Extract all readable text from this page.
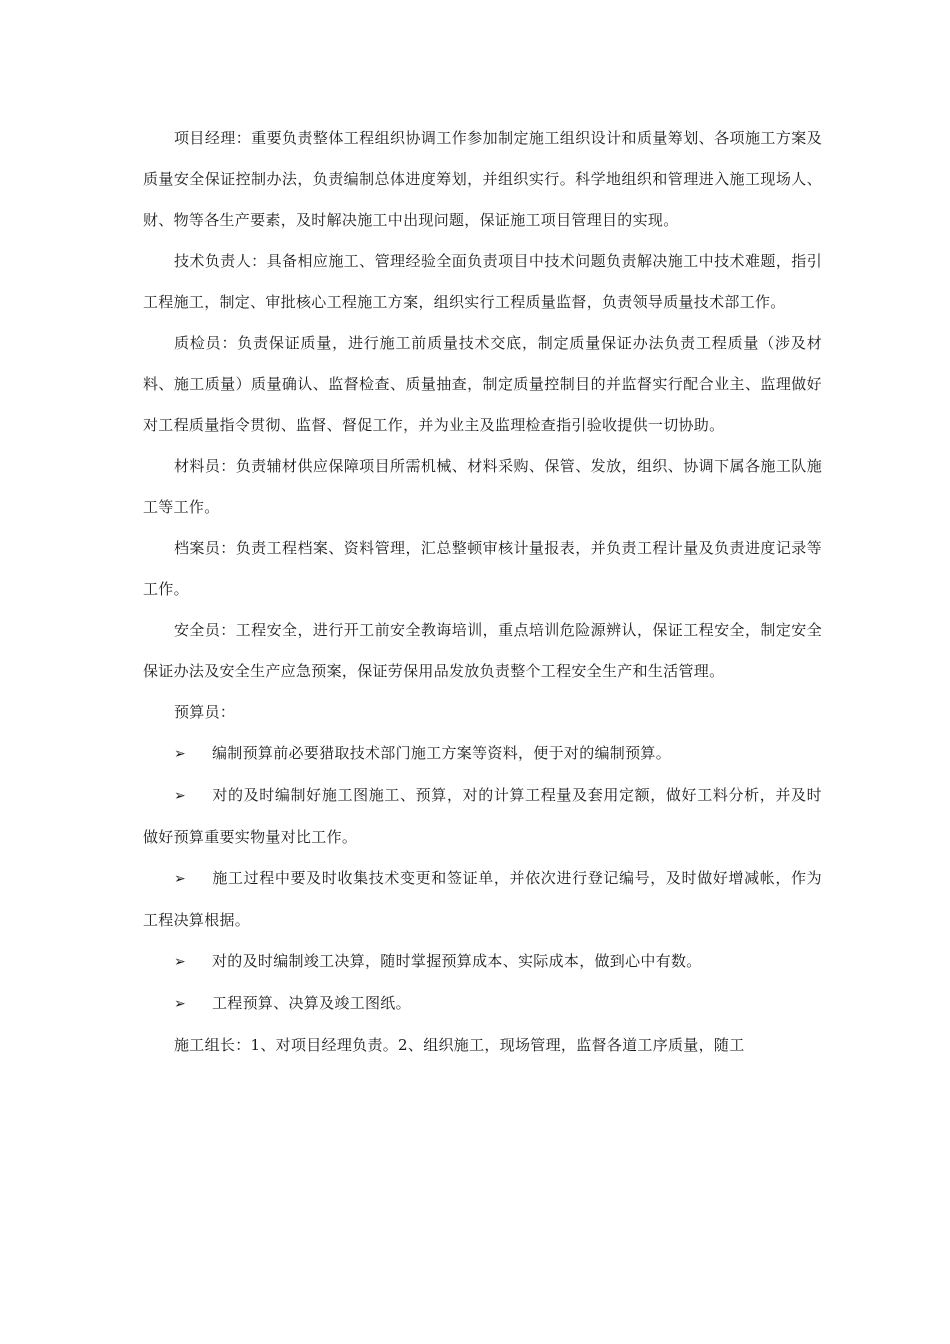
项目经理：重要负责整体工程组织协调工作参加制定施工组织设计和质量筹划、各项施工方案及质量安全保证控制办法，负责编制总体进度筹划，并组织实行。科学地组织和管理进入施工现场人、财、物等各生产要素，及时解决施工中出现问题，保证施工项目管理目的实现。

技术负责人：具备相应施工、管理经验全面负责项目中技术问题负责解决施工中技术难题，指引工程施工，制定、审批核心工程施工方案，组织实行工程质量监督，负责领导质量技术部工作。

质检员：负责保证质量，进行施工前质量技术交底，制定质量保证办法负责工程质量（涉及材料、施工质量）质量确认、监督检查、质量抽查，制定质量控制目的并监督实行配合业主、监理做好对工程质量指令贯彻、监督、督促工作，并为业主及监理检查指引验收提供一切协助。

材料员：负责辅材供应保障项目所需机械、材料采购、保管、发放，组织、协调下属各施工队施工等工作。

档案员：负责工程档案、资料管理，汇总整顿审核计量报表，并负责工程计量及负责进度记录等工作。

安全员：工程安全，进行开工前安全教诲培训，重点培训危险源辨认，保证工程安全，制定安全保证办法及安全生产应急预案，保证劳保用品发放负责整个工程安全生产和生活管理。

预算员：

➢ 编制预算前必要猎取技术部门施工方案等资料，便于对的编制预算。

➢ 对的及时编制好施工图施工、预算，对的计算工程量及套用定额，做好工料分析，并及时做好预算重要实物量对比工作。

➢ 施工过程中要及时收集技术变更和签证单，并依次进行登记编号，及时做好增减帐，作为工程决算根据。

➢ 对的及时编制竣工决算，随时掌握预算成本、实际成本，做到心中有数。

➢ 工程预算、决算及竣工图纸。

施工组长：1、对项目经理负责。2、组织施工，现场管理，监督各道工序质量，随工
